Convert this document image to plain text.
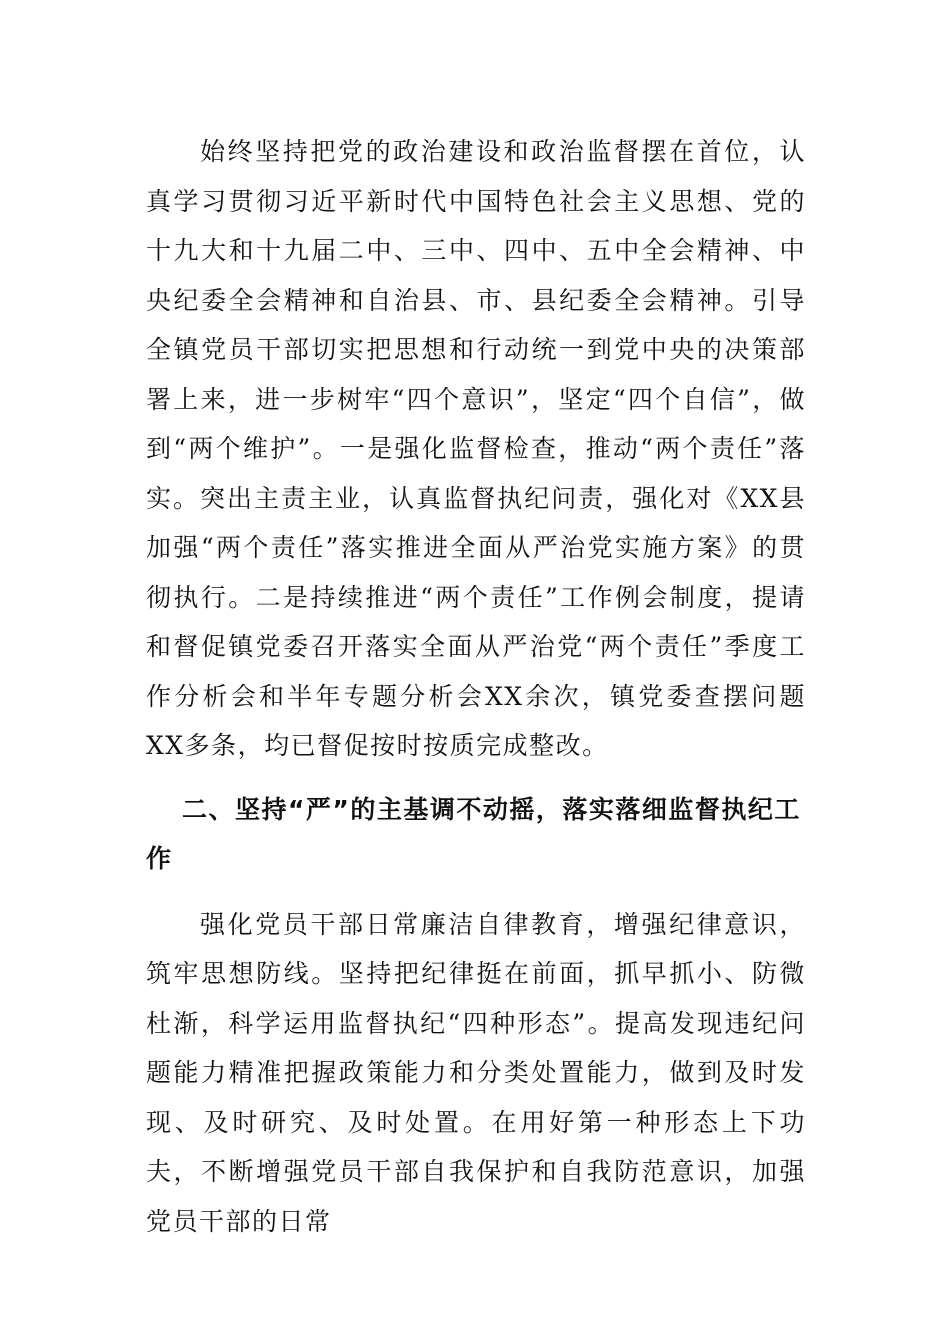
始终坚持把党的政治建设和政治监督摆在首位，认真学习贯彻习近平新时代中国特色社会主义思想、党的十九大和十九届二中、三中、四中、五中全会精神、中央纪委全会精神和自治县、市、县纪委全会精神。引导全镇党员干部切实把思想和行动统一到党中央的决策部署上来，进一步树牢“四个意识”，坚定“四个自信”，做到“两个维护”。一是强化监督检查，推动“两个责任”落实。突出主责主业，认真监督执纪问责，强化对《XX县加强“两个责任”落实推进全面从严治党实施方案》的贯彻执行。二是持续推进“两个责任”工作例会制度，提请和督促镇党委召开落实全面从严治党“两个责任”季度工作分析会和半年专题分析会XX余次，镇党委查摆问题XX多条，均已督促按时按质完成整改。

二、坚持“严”的主基调不动摇，落实落细监督执纪工作

强化党员干部日常廉洁自律教育，增强纪律意识，筑牢思想防线。坚持把纪律挺在前面，抓早抓小、防微杜渐，科学运用监督执纪“四种形态”。提高发现违纪问题能力精准把握政策能力和分类处置能力，做到及时发现、及时研究、及时处置。在用好第一种形态上下功夫，不断增强党员干部自我保护和自我防范意识，加强党员干部的日常
